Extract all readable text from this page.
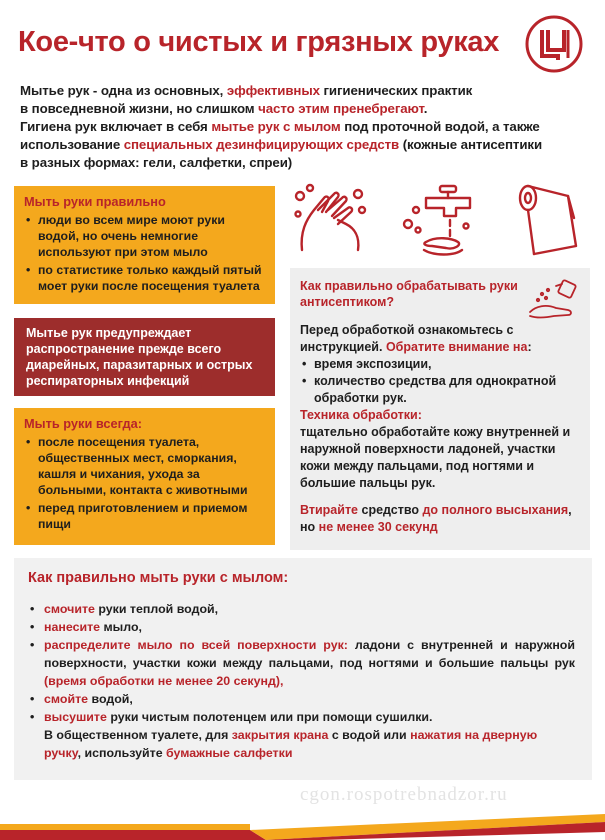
Кое-что о чистых и грязных руках
Мытье рук - одна из основных, эффективных гигиенических практик
в повседневной жизни, но слишком часто этим пренебрегают.
Гигиена рук включает в себя мытье рук с мылом под проточной водой, а также
использование специальных дезинфицирующих средств (кожные антисептики
в разных формах: гели, салфетки, спреи)
Мыть руки правильно
• люди во всем мире моют руки водой, но очень немногие используют при этом мыло
• по статистике только каждый пятый моет руки после посещения туалета
Мытье рук предупреждает распространение прежде всего диарейных, паразитарных и острых респираторных инфекций
Мыть руки всегда:
• после посещения туалета, общественных мест, сморкания, кашля и чихания, ухода за больными, контакта с животными
• перед приготовлением и приемом пищи
Как правильно обрабатывать руки антисептиком?
Перед обработкой ознакомьтесь с инструкцией. Обратите внимание на:
• время экспозиции,
• количество средства для однократной обработки рук.
Техника обработки:
тщательно обработайте кожу внутренней и наружной поверхности ладоней, участки кожи между пальцами, под ногтями и большие пальцы рук.
Втирайте средство до полного высыхания,
но не менее 30 секунд
Как правильно мыть руки с мылом:
• смочите руки теплой водой,
• нанесите мыло,
• распределите мыло по всей поверхности рук: ладони с внутренней и наружной поверхности, участки кожи между пальцами, под ногтями и большие пальцы рук (время обработки не менее 20 секунд),
• смойте водой,
• высушите руки чистым полотенцем или при помощи сушилки.
В общественном туалете, для закрытия крана с водой или нажатия на дверную ручку, используйте бумажные салфетки
cgon.rospotrebnadzor.ru
